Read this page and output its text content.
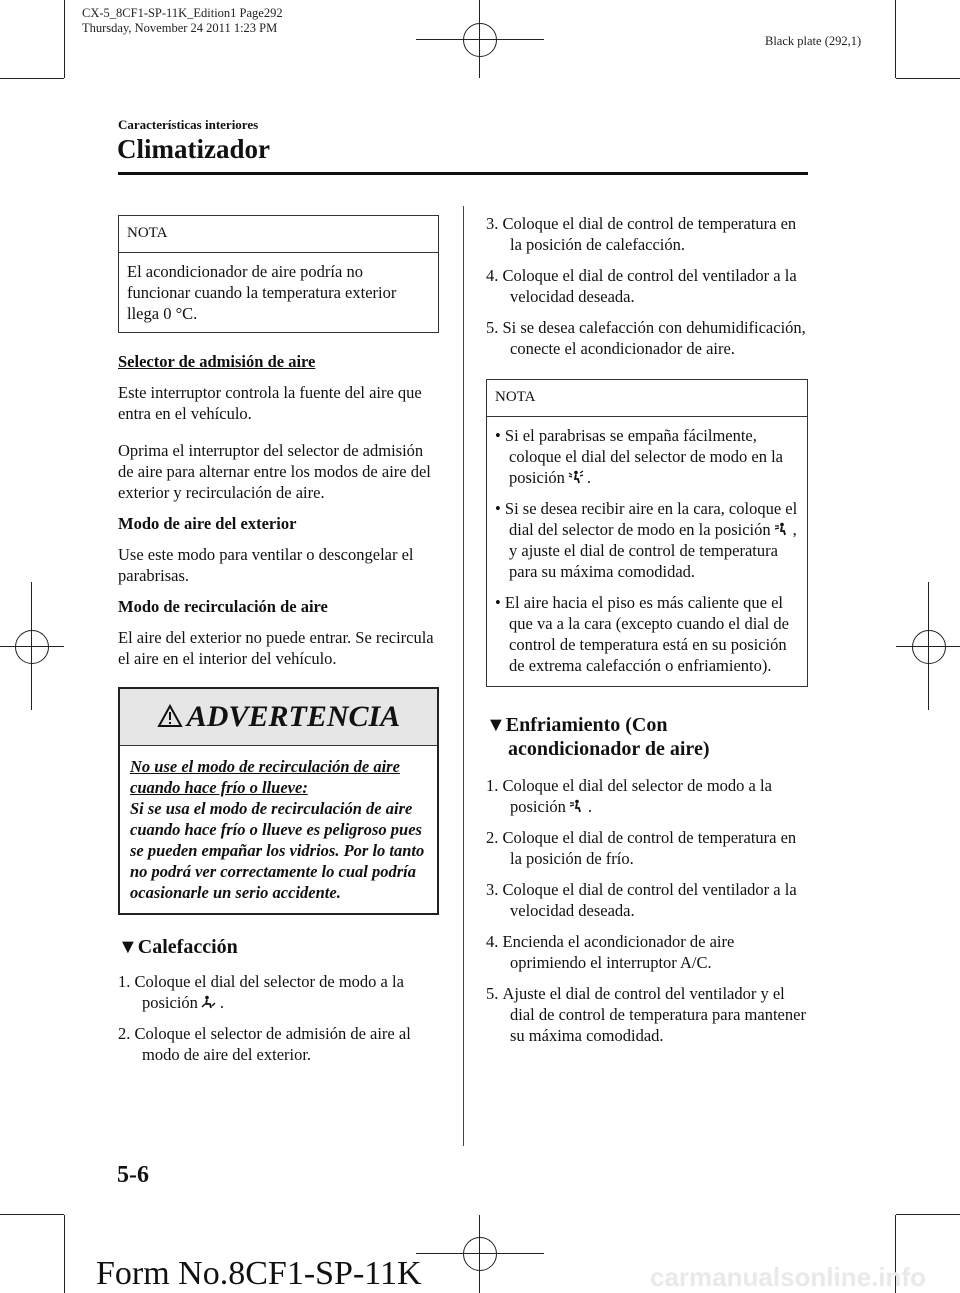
CX-5_8CF1-SP-11K_Edition1 Page292
Thursday, November 24 2011 1:23 PM
Black plate (292,1)
Características interiores
Climatizador
NOTA
El acondicionador de aire podría no funcionar cuando la temperatura exterior llega 0 °C.
Selector de admisión de aire
Este interruptor controla la fuente del aire que entra en el vehículo.
Oprima el interruptor del selector de admisión de aire para alternar entre los modos de aire del exterior y recirculación de aire.
Modo de aire del exterior
Use este modo para ventilar o descongelar el parabrisas.
Modo de recirculación de aire
El aire del exterior no puede entrar. Se recircula el aire en el interior del vehículo.
ADVERTENCIA
No use el modo de recirculación de aire cuando hace frío o llueve:
Si se usa el modo de recirculación de aire cuando hace frío o llueve es peligroso pues se pueden empañar los vidrios. Por lo tanto no podrá ver correctamente lo cual podría ocasionarle un serio accidente.
▼Calefacción
1. Coloque el dial del selector de modo a la posición .
2. Coloque el selector de admisión de aire al modo de aire del exterior.
3. Coloque el dial de control de temperatura en la posición de calefacción.
4. Coloque el dial de control del ventilador a la velocidad deseada.
5. Si se desea calefacción con dehumidificación, conecte el acondicionador de aire.
NOTA
• Si el parabrisas se empaña fácilmente, coloque el dial del selector de modo en la posición .
• Si se desea recibir aire en la cara, coloque el dial del selector de modo en la posición , y ajuste el dial de control de temperatura para su máxima comodidad.
• El aire hacia el piso es más caliente que el que va a la cara (excepto cuando el dial de control de temperatura está en su posición de extrema calefacción o enfriamiento).
▼Enfriamiento (Con
acondicionador de aire)
1. Coloque el dial del selector de modo a la posición .
2. Coloque el dial de control de temperatura en la posición de frío.
3. Coloque el dial de control del ventilador a la velocidad deseada.
4. Encienda el acondicionador de aire oprimiendo el interruptor A/C.
5. Ajuste el dial de control del ventilador y el dial de control de temperatura para mantener su máxima comodidad.
5-6
Form No.8CF1-SP-11K	carmanualsonline.info
